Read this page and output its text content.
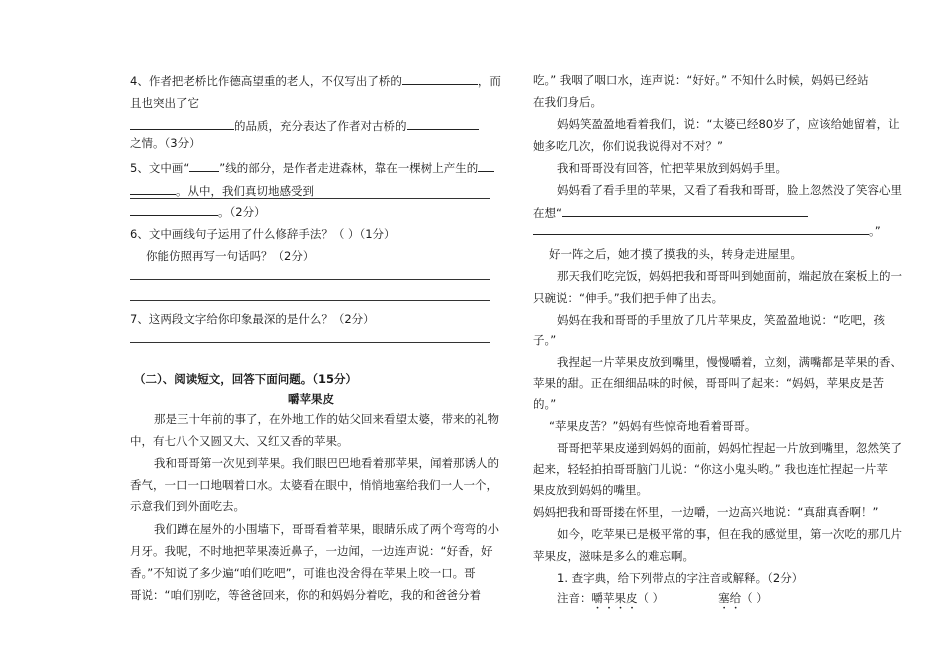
4、作者把老桥比作德高望重的老人，不仅写出了桥的	，而
且也突出了它
的品质，充分表达了作者对古桥的
之情。（3分）
5、文中画“	”线的部分，是作者走进森林，靠在一棵树上产生的
。从中，我们真切地感受到
。（2分）
6、文中画线句子运用了什么修辞手法？（ ）（1分）
你能仿照再写一句话吗？（2分）
7、这两段文字给你印象最深的是什么？（2分）
（二）、阅读短文，回答下面问题。（15分）
嚼苹果皮
那是三十年前的事了，在外地工作的姑父回来看望太婆，带来的礼物
中，有七八个又圆又大、又红又香的苹果。
我和哥哥第一次见到苹果。我们眼巴巴地看着那苹果，闻着那诱人的
香气，一口一口地咽着口水。太婆看在眼中，悄悄地塞给我们一人一个，
示意我们到外面吃去。
我们蹲在屋外的小围墙下，哥哥看着苹果，眼睛乐成了两个弯弯的小
月牙。我呢，不时地把苹果凑近鼻子，一边闻，一边连声说：“好香，好
香。”不知说了多少遍“咱们吃吧”，可谁也没舍得在苹果上咬一口。哥
哥说：“咱们别吃，等爸爸回来，你的和妈妈分着吃，我的和爸爸分着
吃。” 我咽了咽口水，连声说：“好好。” 不知什么时候，妈妈已经站
在我们身后。
妈妈笑盈盈地看着我们，说：“太婆已经80岁了，应该给她留着，让
她多吃几次，你们说我说得对不对？”
我和哥哥没有回答，忙把苹果放到妈妈手里。
妈妈看了看手里的苹果，又看了看我和哥哥，脸上忽然没了笑容心里
在想“
。”
好一阵之后，她才摸了摸我的头，转身走进屋里。
那天我们吃完饭，妈妈把我和哥哥叫到她面前，端起放在案板上的一
只碗说：“伸手。”我们把手伸了出去。
妈妈在我和哥哥的手里放了几片苹果皮，笑盈盈地说：“吃吧，孩
子。”
我捏起一片苹果皮放到嘴里，慢慢嚼着，立刻，满嘴都是苹果的香、
苹果的甜。正在细细品味的时候，哥哥叫了起来：“妈妈，苹果皮是苦
的。”
“苹果皮苦？”妈妈有些惊奇地看着哥哥。
哥哥把苹果皮递到妈妈的面前，妈妈忙捏起一片放到嘴里，忽然笑了
起来，轻轻拍拍哥哥脑门儿说：“你这小鬼头哟。” 我也连忙捏起一片苹
果皮放到妈妈的嘴里。
妈妈把我和哥哥搂在怀里，一边嚼，一边高兴地说：“真甜真香啊！”
如今，吃苹果已是极平常的事，但在我的感觉里，第一次吃的那几片
苹果皮，滋味是多么的难忘啊。
1. 查字典，给下列带点的字注音或解释。（2分）
注音：嚼苹果皮（ ）	塞给（ ）
